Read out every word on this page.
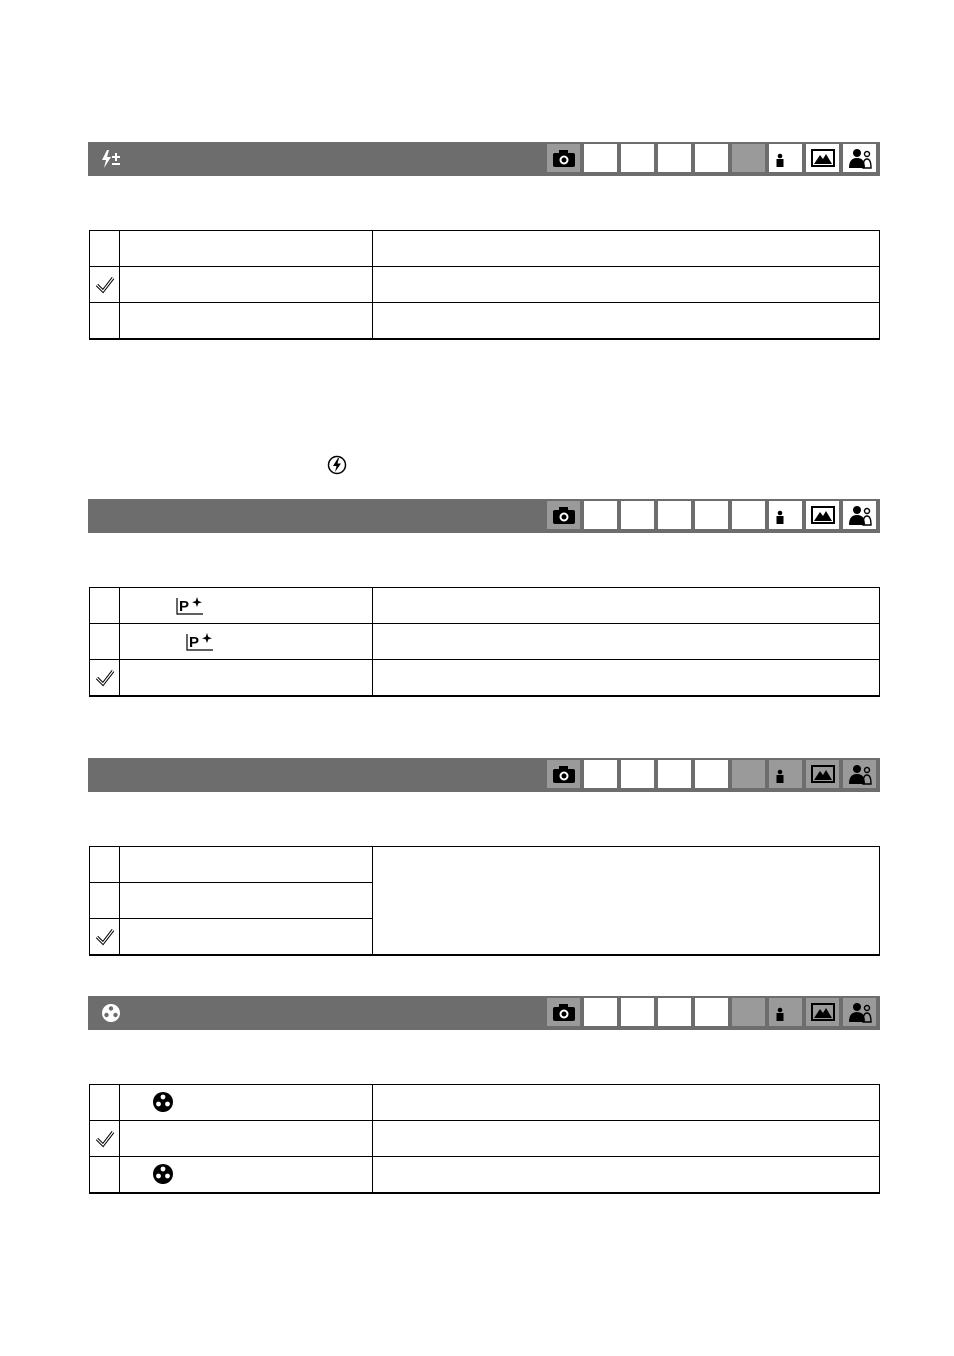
P	

P	
